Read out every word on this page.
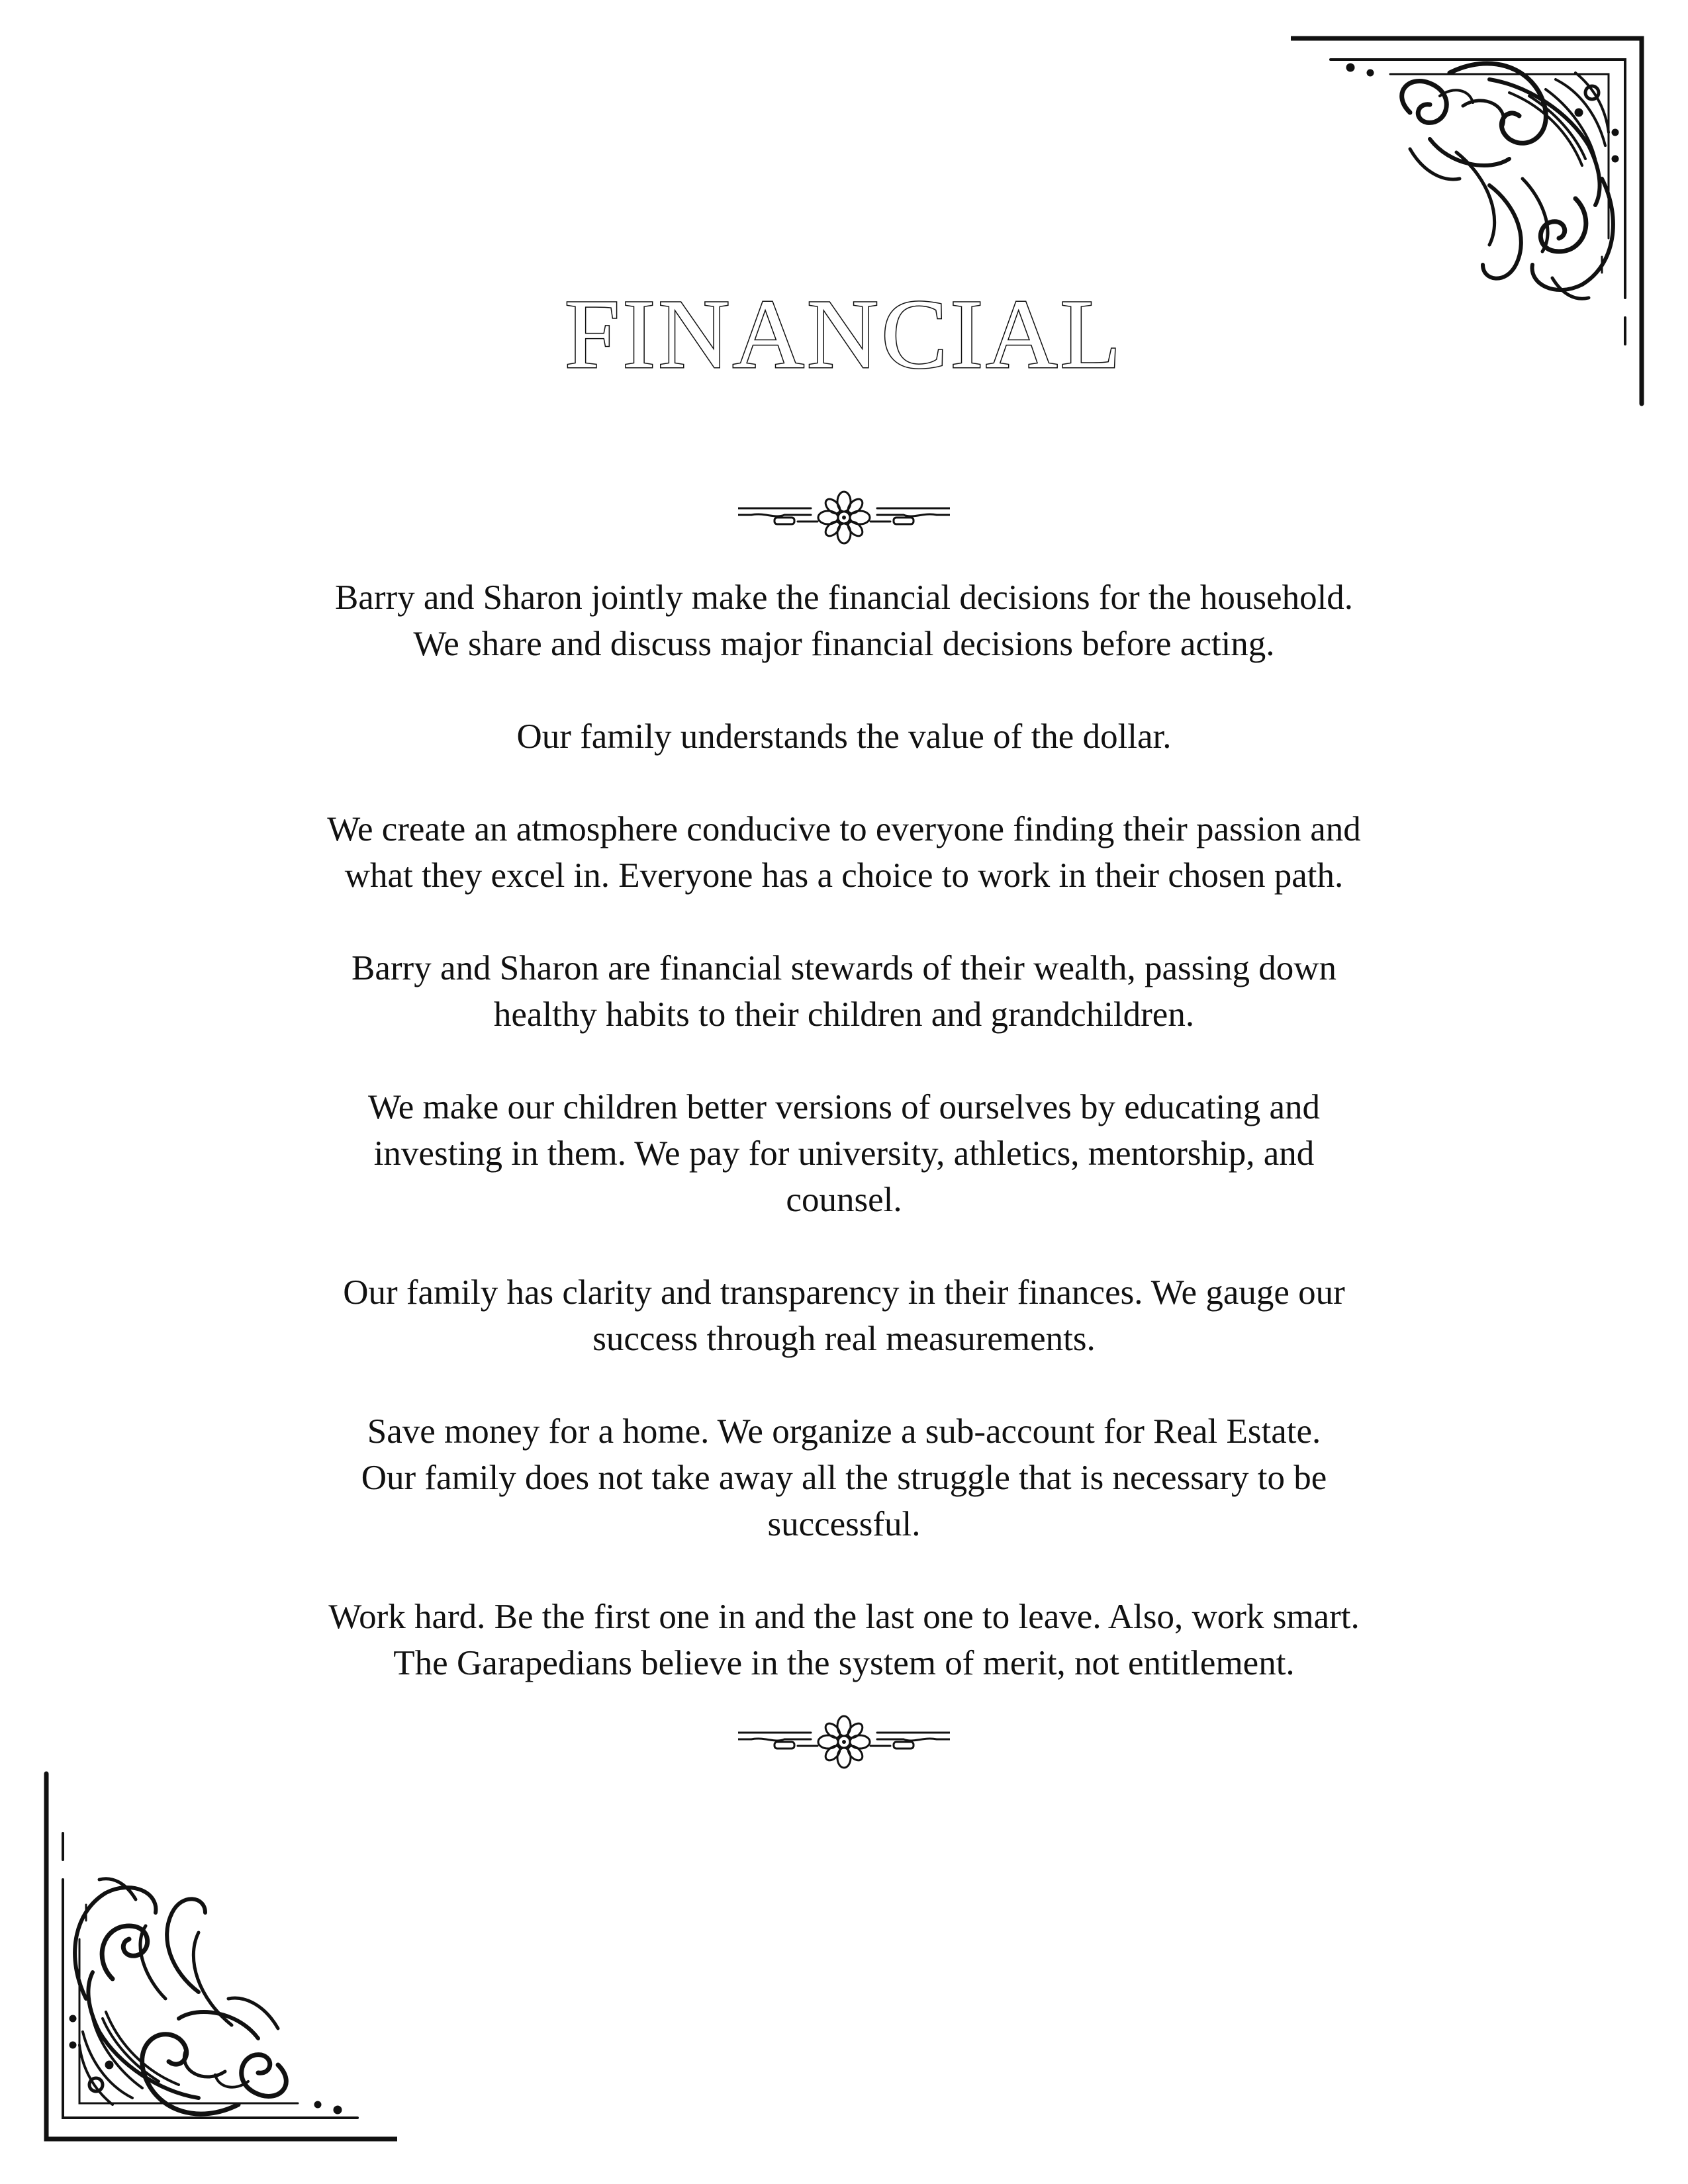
FINANCIAL

Barry and Sharon jointly make the financial decisions for the household.
We share and discuss major financial decisions before acting.

Our family understands the value of the dollar.

We create an atmosphere conducive to everyone finding their passion and
what they excel in. Everyone has a choice to work in their chosen path.

Barry and Sharon are financial stewards of their wealth, passing down
healthy habits to their children and grandchildren.

We make our children better versions of ourselves by educating and
investing in them. We pay for university, athletics, mentorship, and
counsel.

Our family has clarity and transparency in their finances. We gauge our
success through real measurements.

Save money for a home. We organize a sub-account for Real Estate.
Our family does not take away all the struggle that is necessary to be
successful.

Work hard. Be the first one in and the last one to leave. Also, work smart.
The Garapedians believe in the system of merit, not entitlement.
